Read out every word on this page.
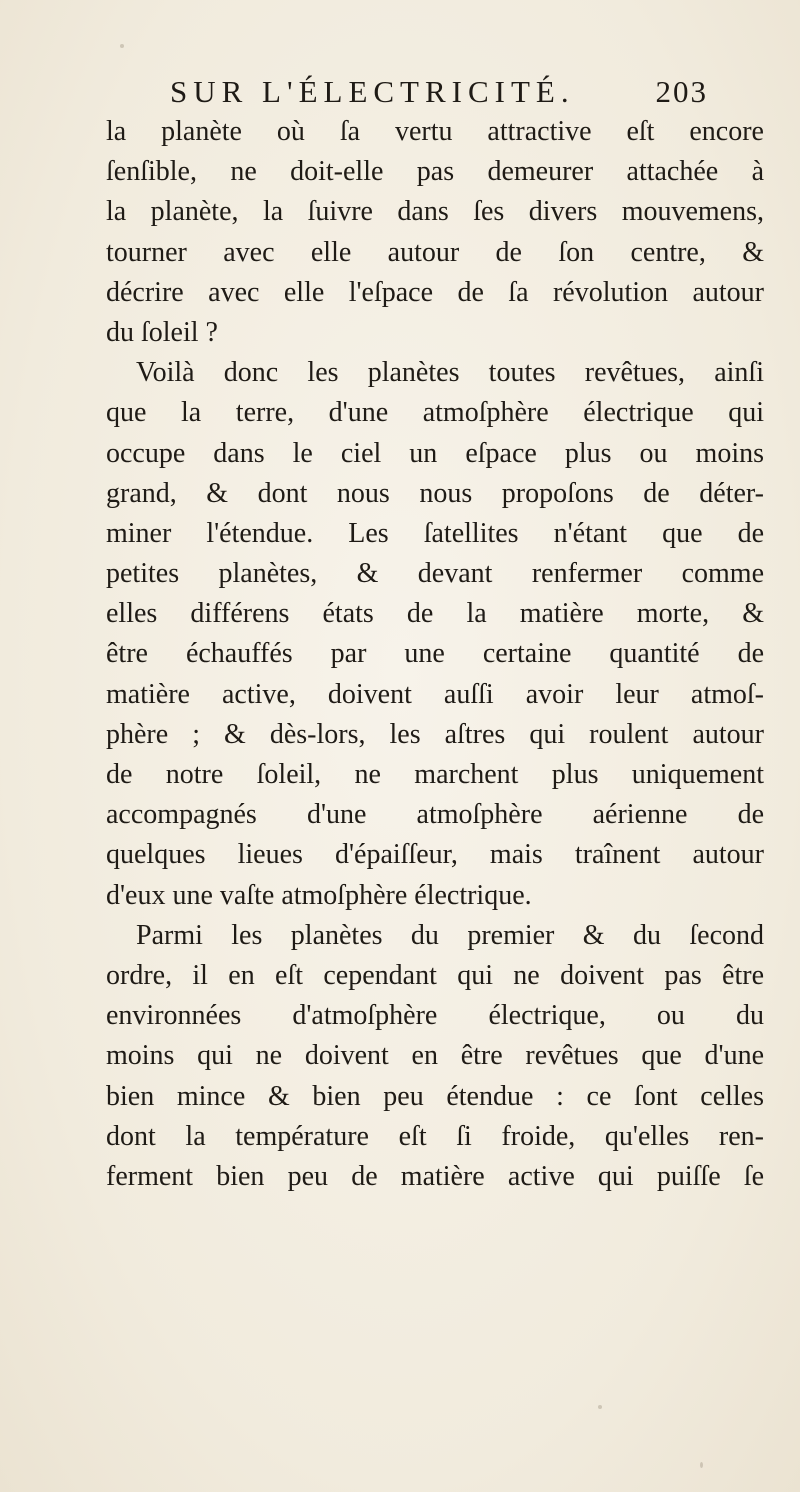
SUR L'ÉLECTRICITÉ.	203
la planète où ſa vertu attractive eſt encore
ſenſible, ne doit-elle pas demeurer attachée à
la planète, la ſuivre dans ſes divers mouvemens,
tourner avec elle autour de ſon centre, &
décrire avec elle l'eſpace de ſa révolution autour
du ſoleil ?
Voilà donc les planètes toutes revêtues, ainſi
que la terre, d'une atmoſphère électrique qui
occupe dans le ciel un eſpace plus ou moins
grand, & dont nous nous propoſons de déter-
miner l'étendue. Les ſatellites n'étant que de
petites planètes, & devant renfermer comme
elles différens états de la matière morte, &
être échauffés par une certaine quantité de
matière active, doivent auſſi avoir leur atmoſ-
phère ; & dès-lors, les aſtres qui roulent autour
de notre ſoleil, ne marchent plus uniquement
accompagnés d'une atmoſphère aérienne de
quelques lieues d'épaiſſeur, mais traînent autour
d'eux une vaſte atmoſphère électrique.
Parmi les planètes du premier & du ſecond
ordre, il en eſt cependant qui ne doivent pas être
environnées d'atmoſphère électrique, ou du
moins qui ne doivent en être revêtues que d'une
bien mince & bien peu étendue : ce ſont celles
dont la température eſt ſi froide, qu'elles ren-
ferment bien peu de matière active qui puiſſe ſe
